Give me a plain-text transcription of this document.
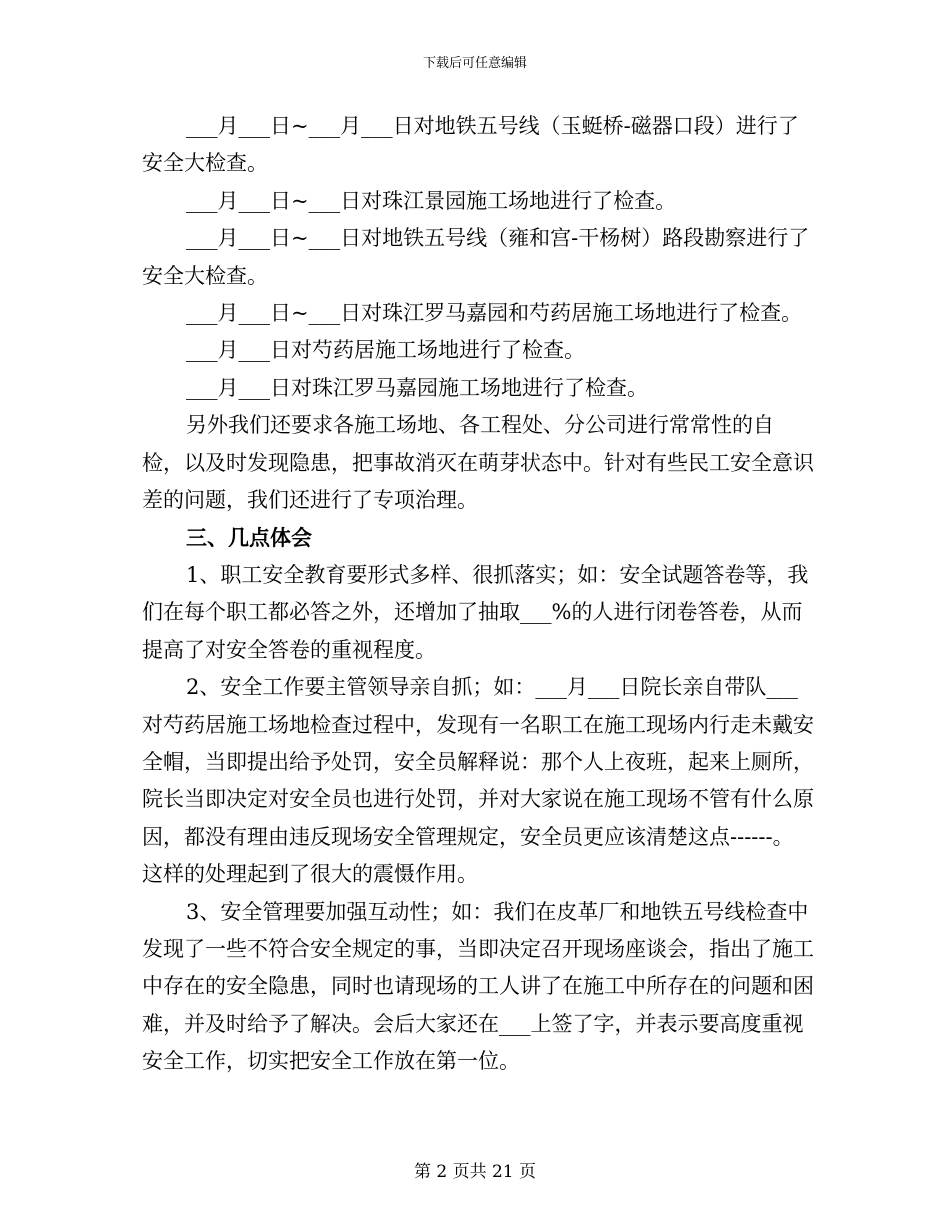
下载后可任意编辑

___月___日~___月___日对地铁五号线（玉蜓桥-磁器口段）进行了安全大检查。

___月___日~___日对珠江景园施工场地进行了检查。

___月___日~___日对地铁五号线（雍和宫-干杨树）路段勘察进行了安全大检查。

___月___日~___日对珠江罗马嘉园和芍药居施工场地进行了检查。

___月___日对芍药居施工场地进行了检查。

___月___日对珠江罗马嘉园施工场地进行了检查。

另外我们还要求各施工场地、各工程处、分公司进行常常性的自检，以及时发现隐患，把事故消灭在萌芽状态中。针对有些民工安全意识差的问题，我们还进行了专项治理。

三、几点体会

1、职工安全教育要形式多样、很抓落实；如：安全试题答卷等，我们在每个职工都必答之外，还增加了抽取___%的人进行闭卷答卷，从而提高了对安全答卷的重视程度。

2、安全工作要主管领导亲自抓；如：___月___日院长亲自带队___对芍药居施工场地检查过程中，发现有一名职工在施工现场内行走未戴安全帽，当即提出给予处罚，安全员解释说：那个人上夜班，起来上厕所，院长当即决定对安全员也进行处罚，并对大家说在施工现场不管有什么原因，都没有理由违反现场安全管理规定，安全员更应该清楚这点------。这样的处理起到了很大的震慑作用。

3、安全管理要加强互动性；如：我们在皮革厂和地铁五号线检查中发现了一些不符合安全规定的事，当即决定召开现场座谈会，指出了施工中存在的安全隐患，同时也请现场的工人讲了在施工中所存在的问题和困难，并及时给予了解决。会后大家还在___上签了字，并表示要高度重视安全工作，切实把安全工作放在第一位。

第 2 页共 21 页
